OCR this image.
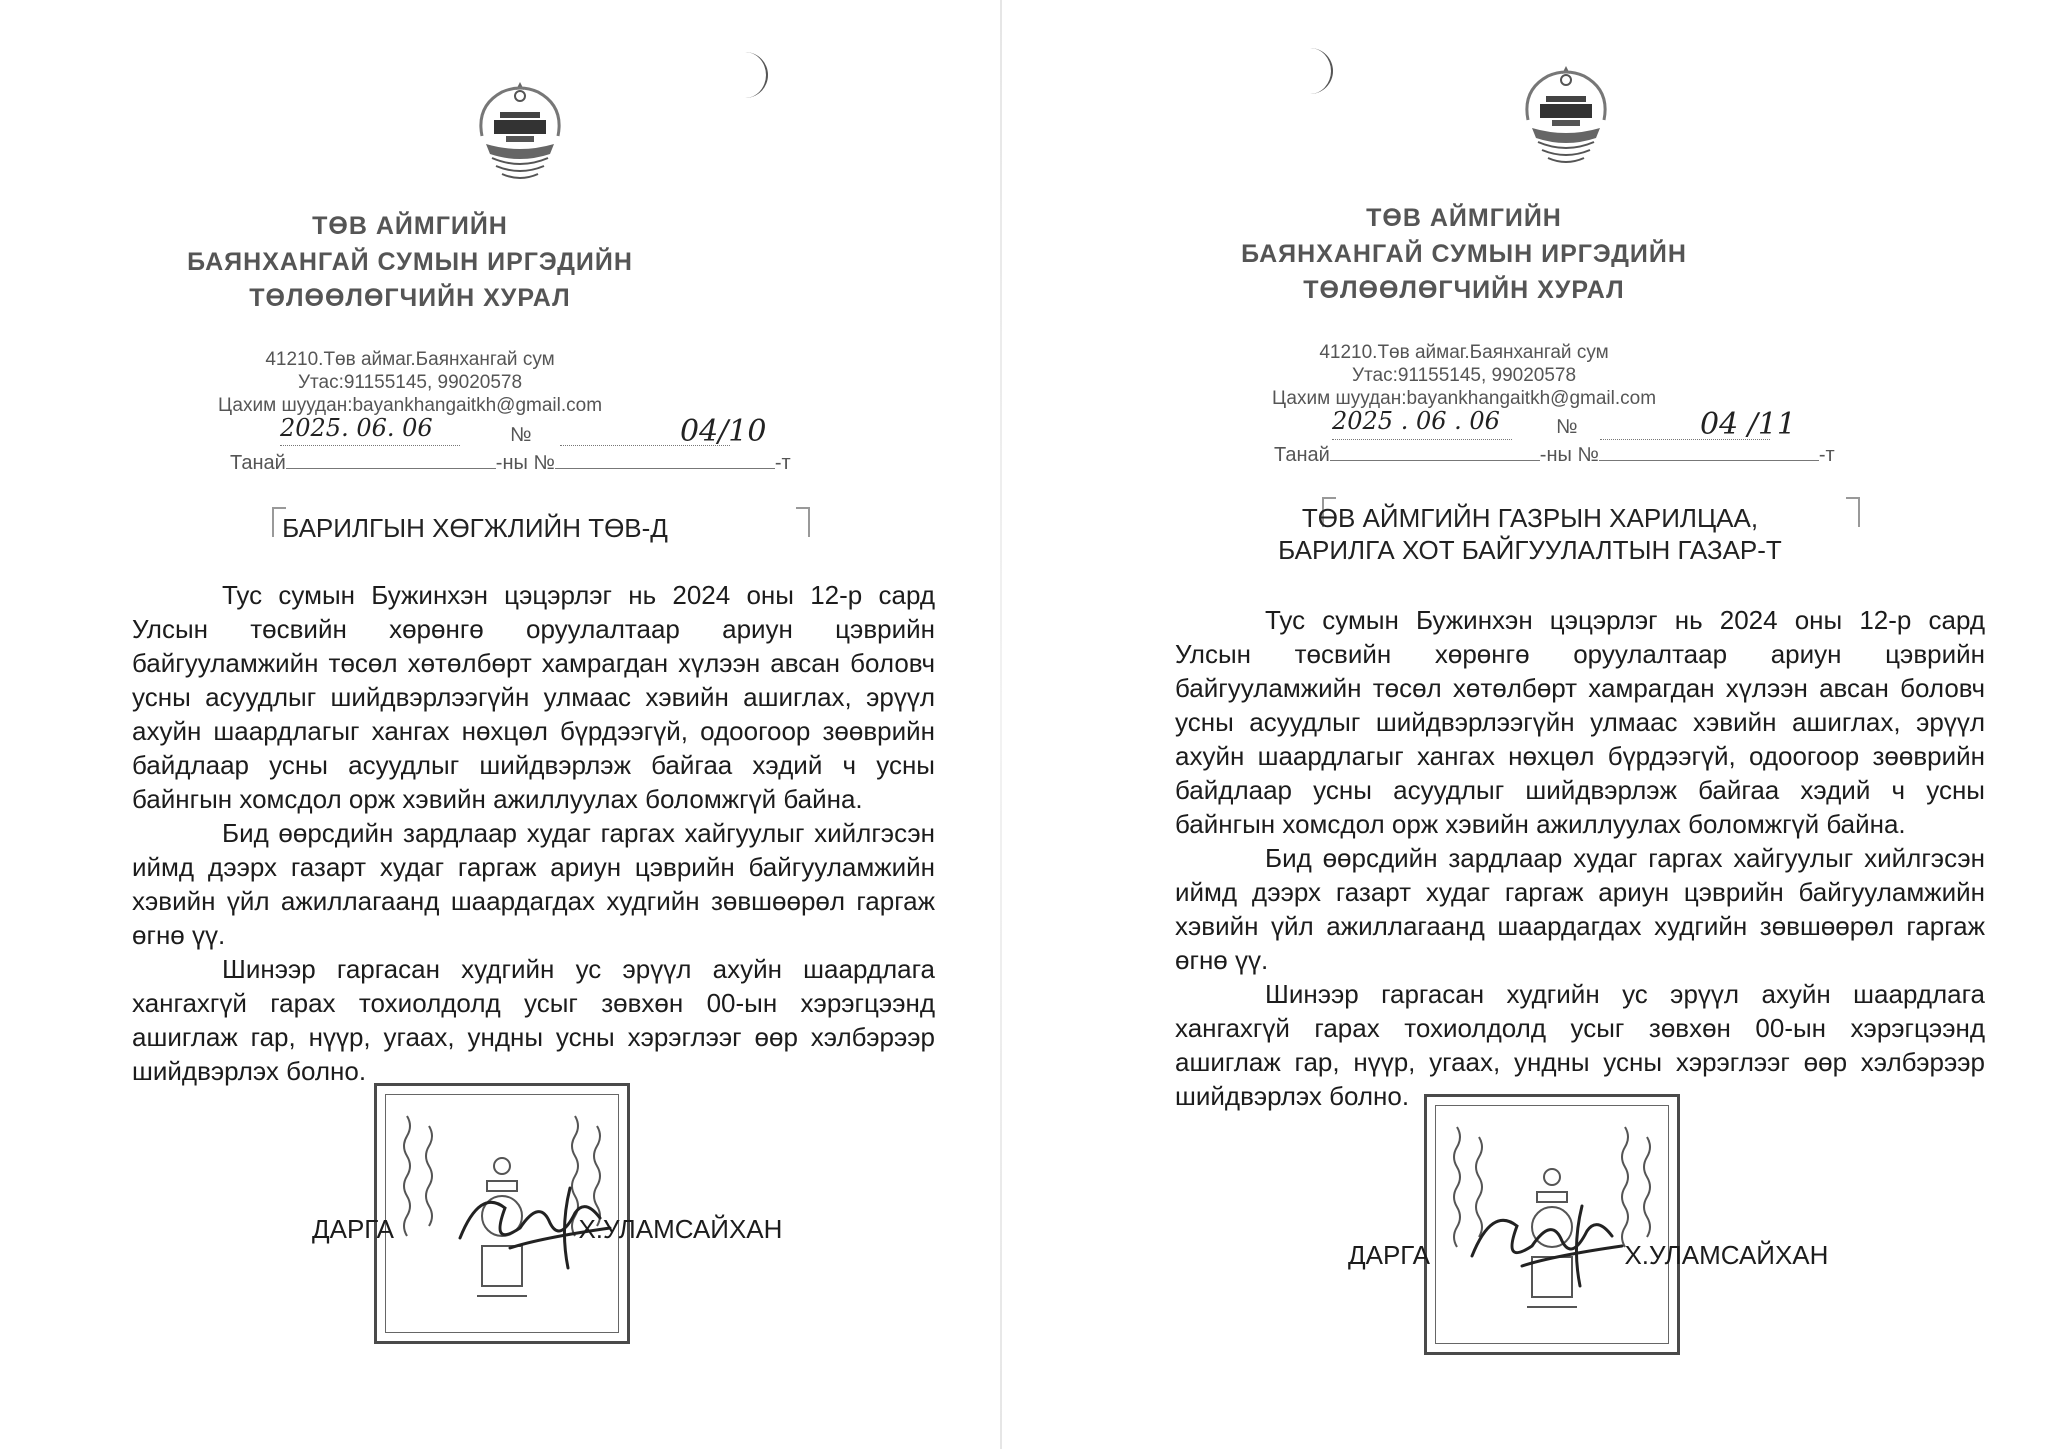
ТӨВ АЙМГИЙН
БАЯНХАНГАЙ СУМЫН ИРГЭДИЙН
ТӨЛӨӨЛӨГЧИЙН ХУРАЛ
41210.Төв аймаг.Баянхангай сум
Утас:91155145, 99020578
Цахим шуудан:bayankhangaitkh@gmail.com
2025. 06. 06	№	04/10
Танай	-ны №	-т
БАРИЛГЫН ХӨГЖЛИЙН ТӨВ-Д

Тус сумын Бужинхэн цэцэрлэг нь 2024 оны 12-р сард Улсын төсвийн хөрөнгө оруулалтаар ариун цэврийн байгууламжийн төсөл хөтөлбөрт хамрагдан хүлээн авсан боловч усны асуудлыг шийдвэрлээгүйн улмаас хэвийн ашиглах, эрүүл ахуйн шаардлагыг хангах нөхцөл бүрдээгүй, одоогоор зөөврийн байдлаар усны асуудлыг шийдвэрлэж байгаа хэдий ч усны байнгын хомсдол орж хэвийн ажиллуулах боломжгүй байна.

Бид өөрсдийн зардлаар худаг гаргах хайгуулыг хийлгэсэн иймд дээрх газарт худаг гаргаж ариун цэврийн байгууламжийн хэвийн үйл ажиллагаанд шаардагдах худгийн зөвшөөрөл гаргаж өгнө үү.

Шинээр гаргасан худгийн ус эрүүл ахуйн шаардлага хангахгүй гарах тохиолдолд усыг зөвхөн 00-ын хэрэгцээнд ашиглаж гар, нүүр, угаах, ундны усны хэрэглээг өөр хэлбэрээр шийдвэрлэх болно.

ДАРГА	Х.УЛАМСАЙХАН
ТӨВ АЙМГИЙН
БАЯНХАНГАЙ СУМЫН ИРГЭДИЙН
ТӨЛӨӨЛӨГЧИЙН ХУРАЛ
41210.Төв аймаг.Баянхангай сум
Утас:91155145, 99020578
Цахим шуудан:bayankhangaitkh@gmail.com
2025 . 06 . 06	№	04 /11
Танай	-ны №	-т
ТӨВ АЙМГИЙН ГАЗРЫН ХАРИЛЦАА,
БАРИЛГА ХОТ БАЙГУУЛАЛТЫН ГАЗАР-Т

Тус сумын Бужинхэн цэцэрлэг нь 2024 оны 12-р сард Улсын төсвийн хөрөнгө оруулалтаар ариун цэврийн байгууламжийн төсөл хөтөлбөрт хамрагдан хүлээн авсан боловч усны асуудлыг шийдвэрлээгүйн улмаас хэвийн ашиглах, эрүүл ахуйн шаардлагыг хангах нөхцөл бүрдээгүй, одоогоор зөөврийн байдлаар усны асуудлыг шийдвэрлэж байгаа хэдий ч усны байнгын хомсдол орж хэвийн ажиллуулах боломжгүй байна.

Бид өөрсдийн зардлаар худаг гаргах хайгуулыг хийлгэсэн иймд дээрх газарт худаг гаргаж ариун цэврийн байгууламжийн хэвийн үйл ажиллагаанд шаардагдах худгийн зөвшөөрөл гаргаж өгнө үү.

Шинээр гаргасан худгийн ус эрүүл ахуйн шаардлага хангахгүй гарах тохиолдолд усыг зөвхөн 00-ын хэрэгцээнд ашиглаж гар, нүүр, угаах, ундны усны хэрэглээг өөр хэлбэрээр шийдвэрлэх болно.

ДАРГА	Х.УЛАМСАЙХАН
